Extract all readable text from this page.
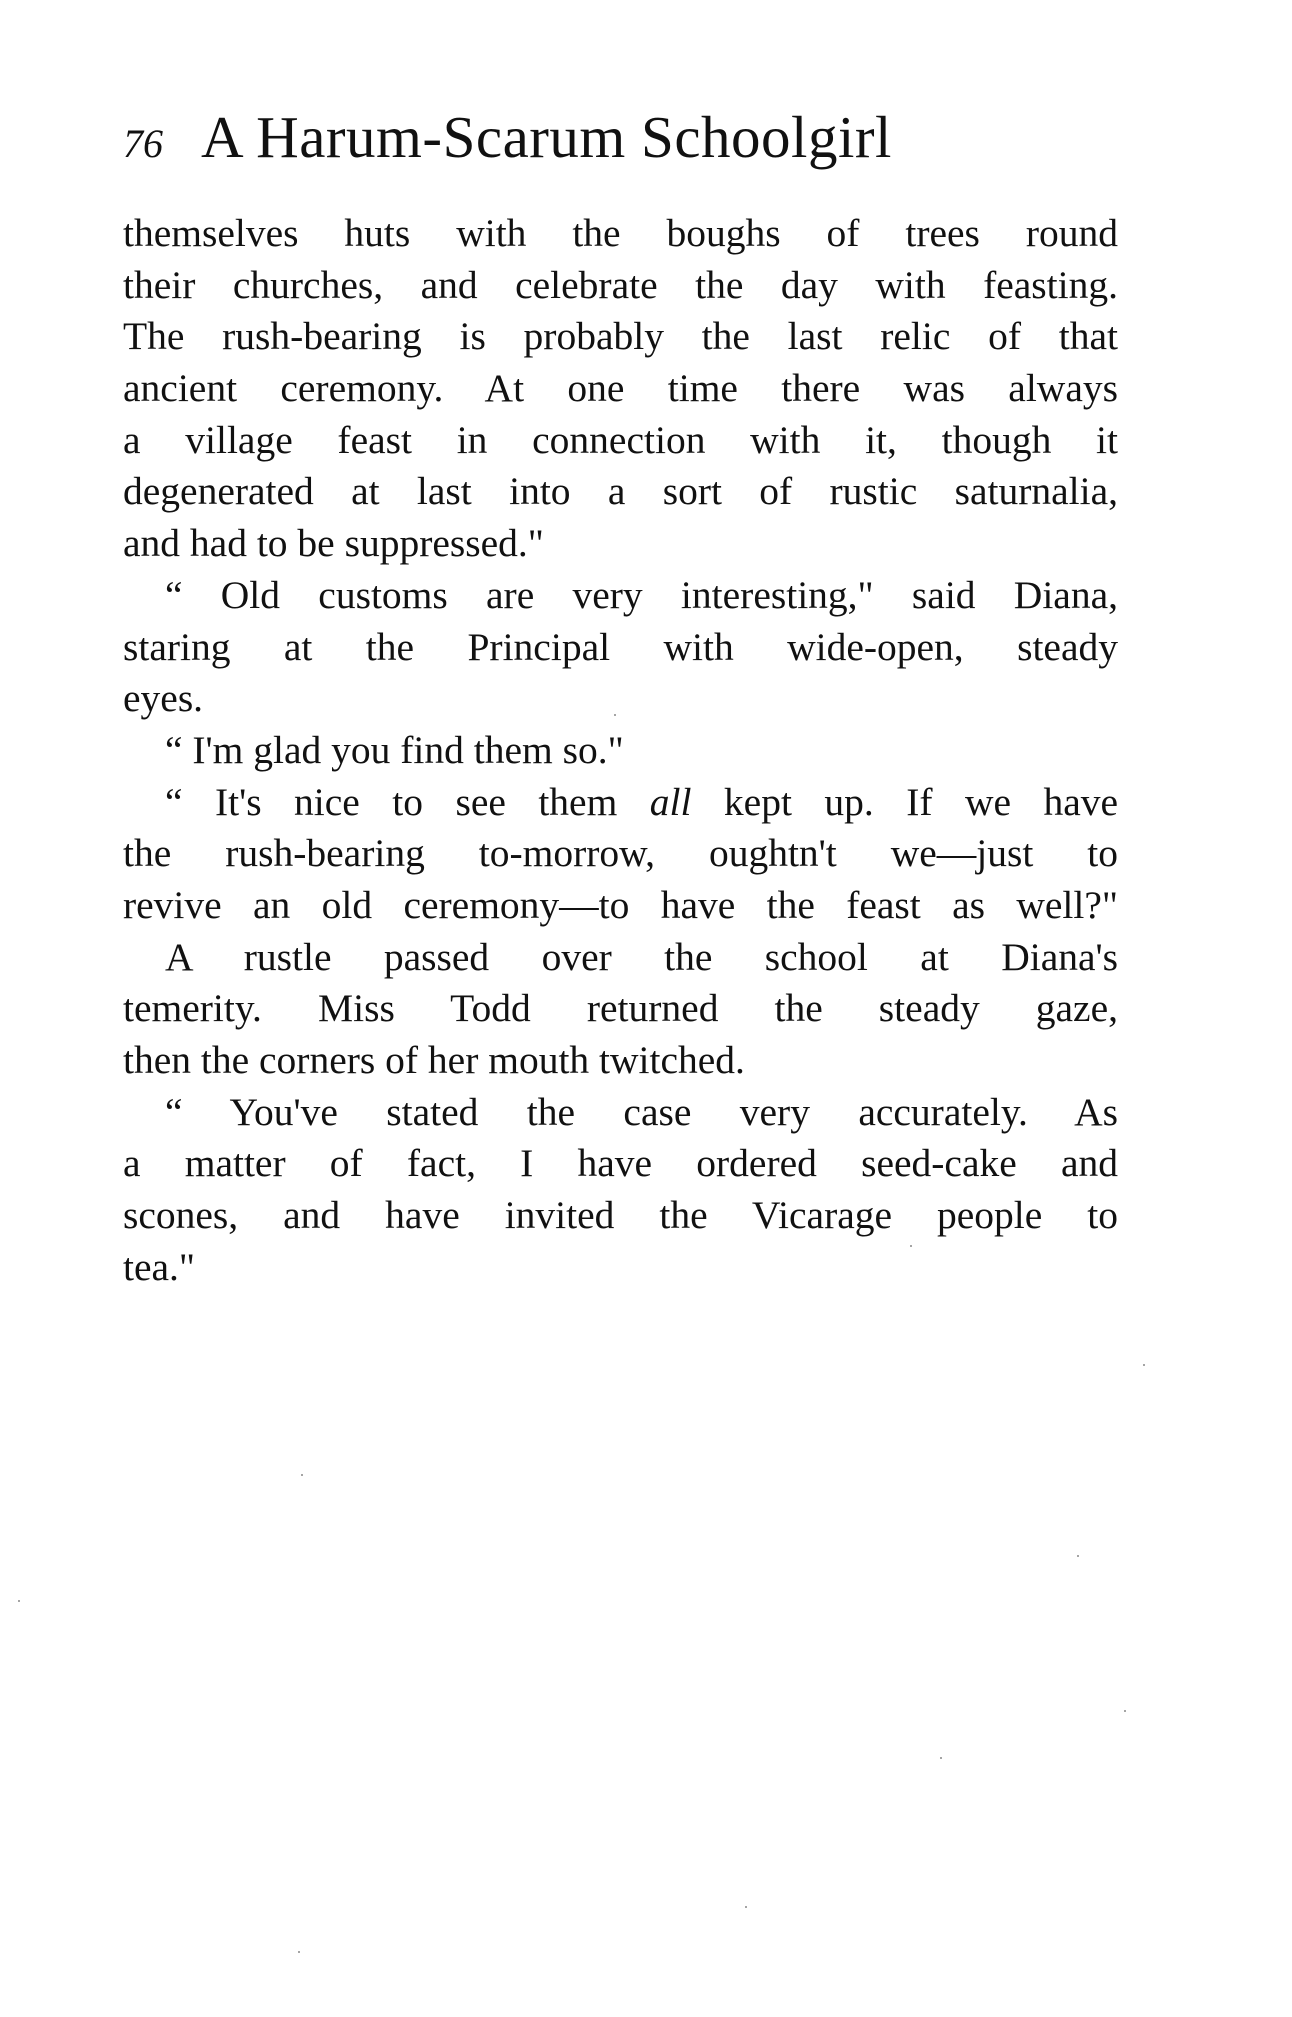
76 A Harum-Scarum Schoolgirl
themselves huts with the boughs of trees round
their churches, and celebrate the day with feasting.
The rush-bearing is probably the last relic of that
ancient ceremony. At one time there was always
a village feast in connection with it, though it
degenerated at last into a sort of rustic saturnalia,
and had to be suppressed."
“ Old customs are very interesting," said Diana,
staring at the Principal with wide-open, steady
eyes.
“ I'm glad you find them so."
“ It's nice to see them all kept up. If we have
the rush-bearing to-morrow, oughtn't we—just to
revive an old ceremony—to have the feast as well?"
A rustle passed over the school at Diana's
temerity. Miss Todd returned the steady gaze,
then the corners of her mouth twitched.
“ You've stated the case very accurately. As
a matter of fact, I have ordered seed-cake and
scones, and have invited the Vicarage people to
tea."
